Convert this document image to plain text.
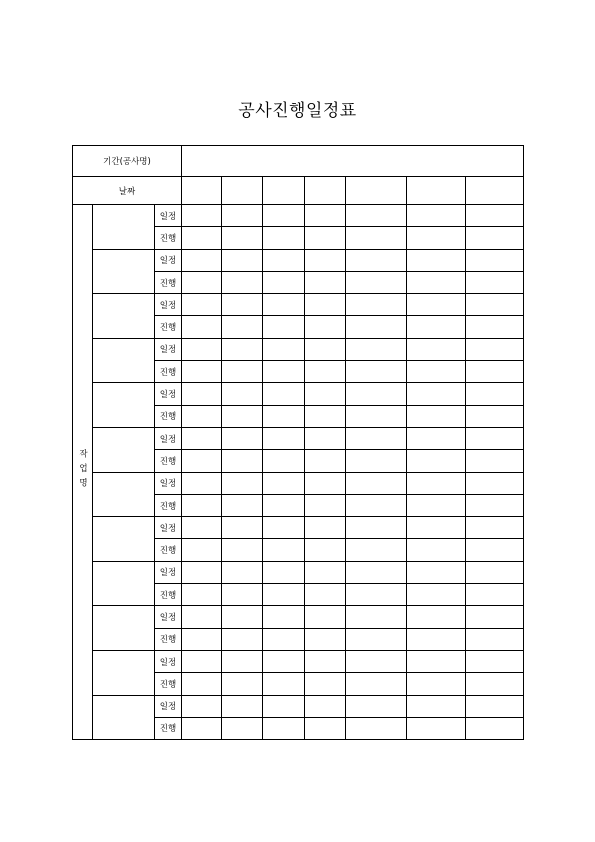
공사진행일정표
기간(공사명)									
날짜									
작업명		일정							
		진행							
		일정							
		진행							
		일정							
		진행							
		일정							
		진행							
		일정							
		진행							
		일정							
		진행							
		일정							
		진행							
		일정							
		진행							
		일정							
		진행							
		일정							
		진행							
		일정							
		진행							
		일정							
		진행							
